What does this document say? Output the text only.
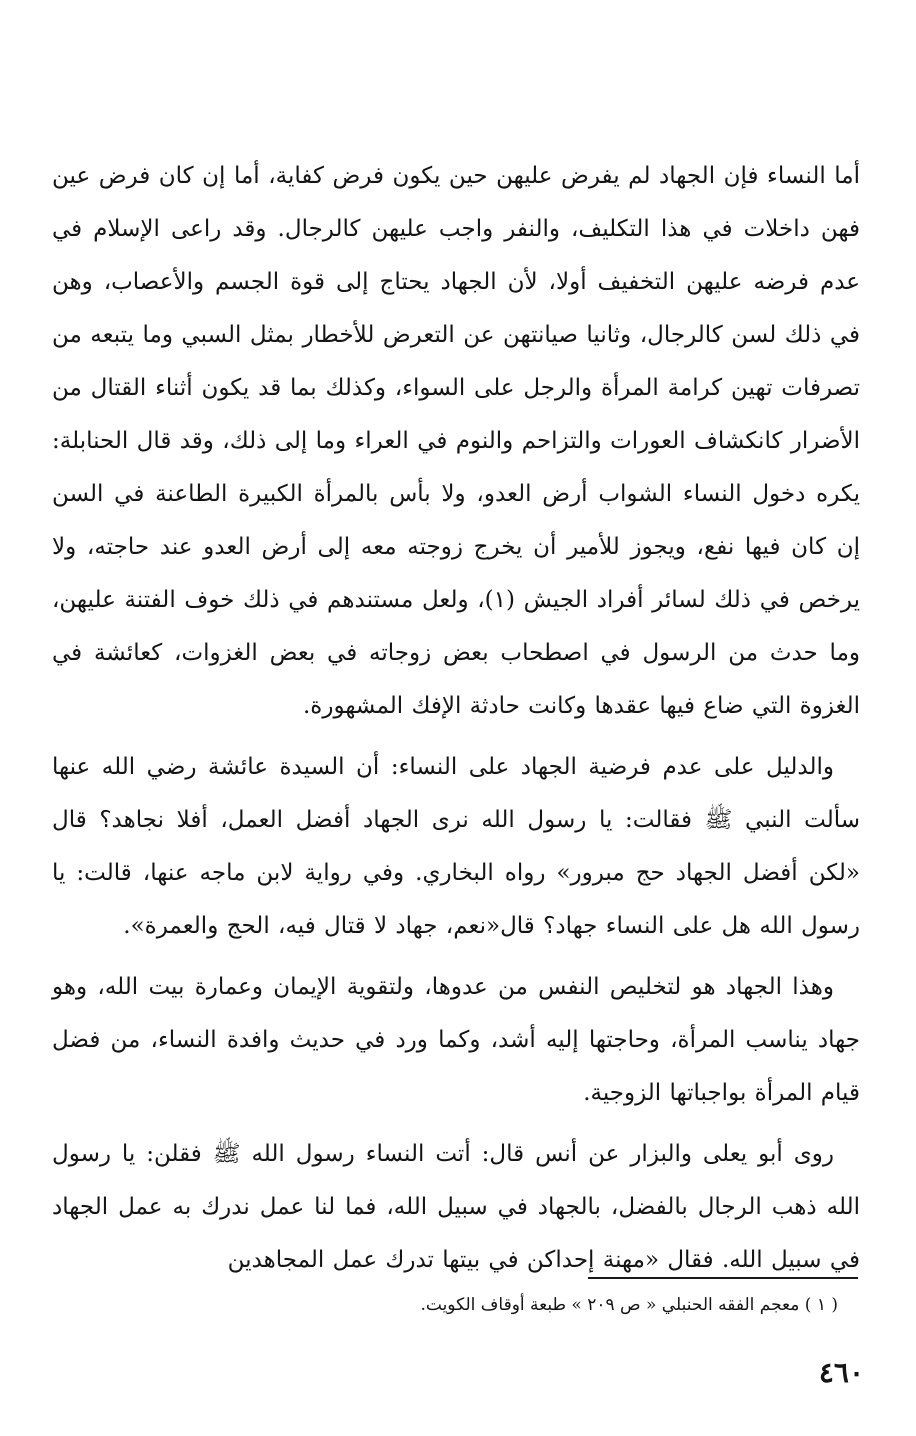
أما النساء فإن الجهاد لم يفرض عليهن حين يكون فرض كفاية، أما إن كان فرض عين فهن داخلات في هذا التكليف، والنفر واجب عليهن كالرجال. وقد راعى الإسلام في عدم فرضه عليهن التخفيف أولا، لأن الجهاد يحتاج إلى قوة الجسم والأعصاب، وهن في ذلك لسن كالرجال، وثانيا صيانتهن عن التعرض للأخطار بمثل السبي وما يتبعه من تصرفات تهين كرامة المرأة والرجل على السواء، وكذلك بما قد يكون أثناء القتال من الأضرار كانكشاف العورات والتزاحم والنوم في العراء وما إلى ذلك، وقد قال الحنابلة: يكره دخول النساء الشواب أرض العدو، ولا بأس بالمرأة الكبيرة الطاعنة في السن إن كان فيها نفع، ويجوز للأمير أن يخرج زوجته معه إلى أرض العدو عند حاجته، ولا يرخص في ذلك لسائر أفراد الجيش (١)، ولعل مستندهم في ذلك خوف الفتنة عليهن، وما حدث من الرسول في اصطحاب بعض زوجاته في بعض الغزوات، كعائشة في الغزوة التي ضاع فيها عقدها وكانت حادثة الإفك المشهورة.

والدليل على عدم فرضية الجهاد على النساء: أن السيدة عائشة رضي الله عنها سألت النبي ﷺ فقالت: يا رسول الله نرى الجهاد أفضل العمل، أفلا نجاهد؟ قال «لكن أفضل الجهاد حج مبرور» رواه البخاري. وفي رواية لابن ماجه عنها، قالت: يا رسول الله هل على النساء جهاد؟ قال«نعم، جهاد لا قتال فيه، الحج والعمرة».

وهذا الجهاد هو لتخليص النفس من عدوها، ولتقوية الإيمان وعمارة بيت الله، وهو جهاد يناسب المرأة، وحاجتها إليه أشد، وكما ورد في حديث وافدة النساء، من فضل قيام المرأة بواجباتها الزوجية.

روى أبو يعلى والبزار عن أنس قال: أتت النساء رسول الله ﷺ فقلن: يا رسول الله ذهب الرجال بالفضل، بالجهاد في سبيل الله، فما لنا عمل ندرك به عمل الجهاد في سبيل الله. فقال «مهنة إحداكن في بيتها تدرك عمل المجاهدين

( ١ ) معجم الفقه الحنبلي « ص ٢٠٩ » طبعة أوقاف الكويت.
٤٦٠
